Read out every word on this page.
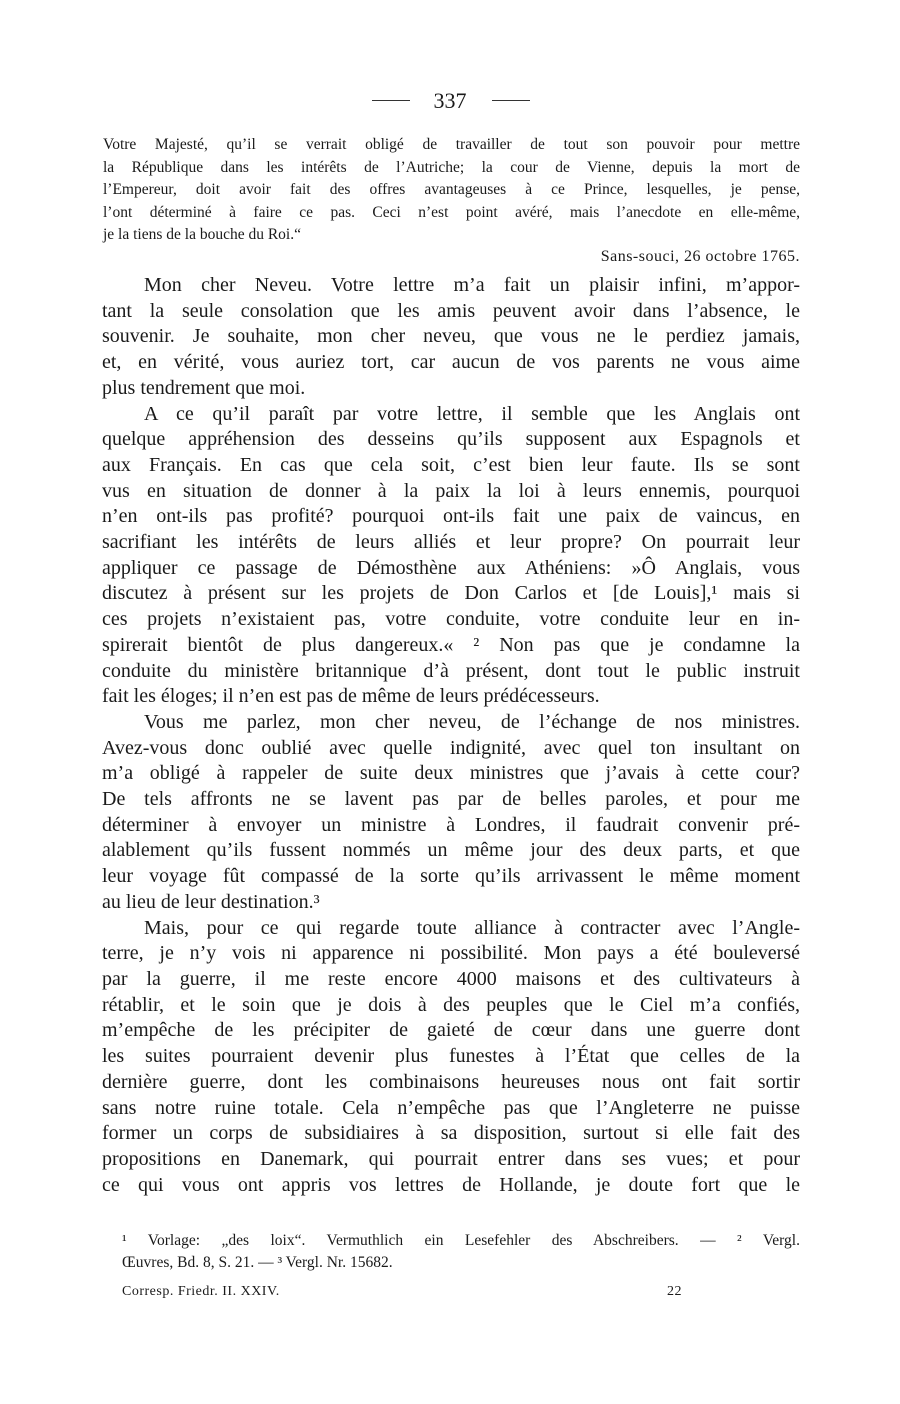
337
Votre Majesté, qu’il se verrait obligé de travailler de tout son pouvoir pour mettre
la République dans les intérêts de l’Autriche; la cour de Vienne, depuis la mort de
l’Empereur, doit avoir fait des offres avantageuses à ce Prince, lesquelles, je pense,
l’ont déterminé à faire ce pas. Ceci n’est point avéré, mais l’anecdote en elle-même,
je la tiens de la bouche du Roi.“
Sans-souci, 26 octobre 1765.
Mon cher Neveu. Votre lettre m’a fait un plaisir infini, m’appor-
tant la seule consolation que les amis peuvent avoir dans l’absence, le
souvenir. Je souhaite, mon cher neveu, que vous ne le perdiez jamais,
et, en vérité, vous auriez tort, car aucun de vos parents ne vous aime
plus tendrement que moi.
A ce qu’il paraît par votre lettre, il semble que les Anglais ont
quelque appréhension des desseins qu’ils supposent aux Espagnols et
aux Français. En cas que cela soit, c’est bien leur faute. Ils se sont
vus en situation de donner à la paix la loi à leurs ennemis, pourquoi
n’en ont-ils pas profité? pourquoi ont-ils fait une paix de vaincus, en
sacrifiant les intérêts de leurs alliés et leur propre? On pourrait leur
appliquer ce passage de Démosthène aux Athéniens: »Ô Anglais, vous
discutez à présent sur les projets de Don Carlos et [de Louis],¹ mais si
ces projets n’existaient pas, votre conduite, votre conduite leur en in-
spirerait bientôt de plus dangereux.« ² Non pas que je condamne la
conduite du ministère britannique d’à présent, dont tout le public instruit
fait les éloges; il n’en est pas de même de leurs prédécesseurs.
Vous me parlez, mon cher neveu, de l’échange de nos ministres.
Avez-vous donc oublié avec quelle indignité, avec quel ton insultant on
m’a obligé à rappeler de suite deux ministres que j’avais à cette cour?
De tels affronts ne se lavent pas par de belles paroles, et pour me
déterminer à envoyer un ministre à Londres, il faudrait convenir pré-
alablement qu’ils fussent nommés un même jour des deux parts, et que
leur voyage fût compassé de la sorte qu’ils arrivassent le même moment
au lieu de leur destination.³
Mais, pour ce qui regarde toute alliance à contracter avec l’Angle-
terre, je n’y vois ni apparence ni possibilité. Mon pays a été bouleversé
par la guerre, il me reste encore 4000 maisons et des cultivateurs à
rétablir, et le soin que je dois à des peuples que le Ciel m’a confiés,
m’empêche de les précipiter de gaieté de cœur dans une guerre dont
les suites pourraient devenir plus funestes à l’État que celles de la
dernière guerre, dont les combinaisons heureuses nous ont fait sortir
sans notre ruine totale. Cela n’empêche pas que l’Angleterre ne puisse
former un corps de subsidiaires à sa disposition, surtout si elle fait des
propositions en Danemark, qui pourrait entrer dans ses vues; et pour
ce qui vous ont appris vos lettres de Hollande, je doute fort que le
¹ Vorlage: „des loix“. Vermuthlich ein Lesefehler des Abschreibers. — ² Vergl.
Œuvres, Bd. 8, S. 21. — ³ Vergl. Nr. 15682.
Corresp. Friedr. II. XXIV.	22
